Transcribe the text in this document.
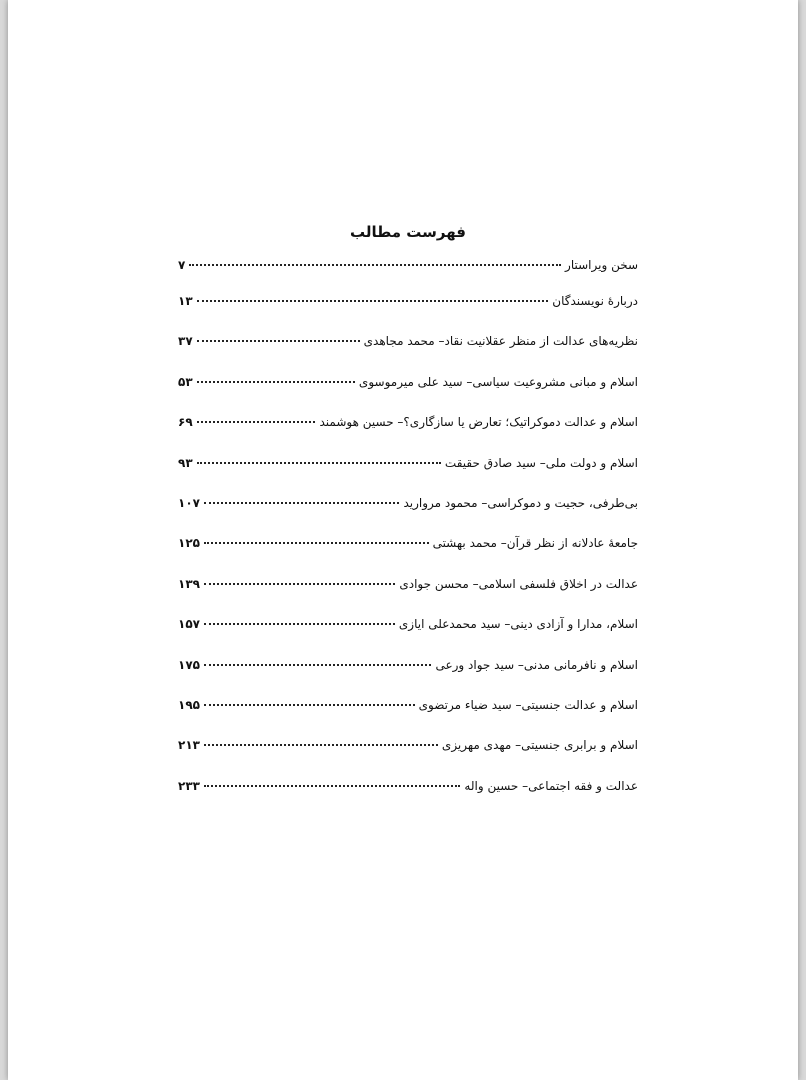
فهرست مطالب
سخن ویراستار
۷
دربارهٔ نویسندگان
۱۳
نظریه‌های عدالت از منظر عقلانیت نقاد– محمد مجاهدی
۳۷
اسلام و مبانی مشروعیت سیاسی– سید علی میرموسوی
۵۳
اسلام و عدالت دموکراتیک؛ تعارض یا سازگاری؟– حسین هوشمند
۶۹
اسلام و دولت ملی– سید صادق حقیقت
۹۳
بی‌طرفی، حجیت و دموکراسی– محمود مروارید
۱۰۷
جامعهٔ عادلانه از نظر قرآن– محمد بهشتی
۱۲۵
عدالت در اخلاق فلسفی اسلامی– محسن جوادی
۱۳۹
اسلام، مدارا و آزادی دینی– سید محمدعلی ایازی
۱۵۷
اسلام و نافرمانی مدنی– سید جواد ورعی
۱۷۵
اسلام و عدالت جنسیتی– سید ضیاء مرتضوی
۱۹۵
اسلام و برابری جنسیتی– مهدی مهریزی
۲۱۳
عدالت و فقه اجتماعی– حسین واله
۲۳۳
